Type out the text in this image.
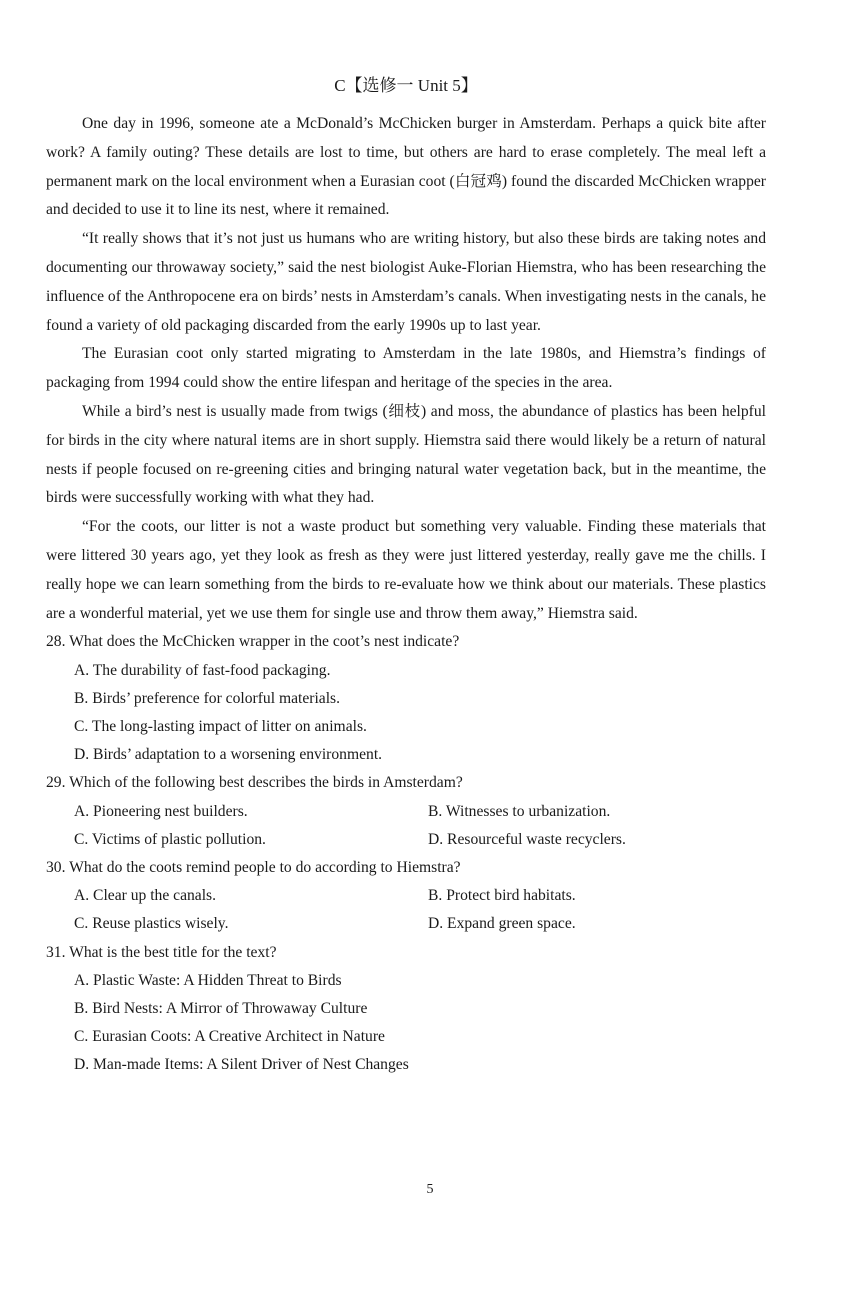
C【选修一 Unit 5】

One day in 1996, someone ate a McDonald’s McChicken burger in Amsterdam. Perhaps a quick bite after work? A family outing? These details are lost to time, but others are hard to erase completely. The meal left a permanent mark on the local environment when a Eurasian coot (白冠鸡) found the discarded McChicken wrapper and decided to use it to line its nest, where it remained.

“It really shows that it’s not just us humans who are writing history, but also these birds are taking notes and documenting our throwaway society,” said the nest biologist Auke-Florian Hiemstra, who has been researching the influence of the Anthropocene era on birds’ nests in Amsterdam’s canals. When investigating nests in the canals, he found a variety of old packaging discarded from the early 1990s up to last year.

The Eurasian coot only started migrating to Amsterdam in the late 1980s, and Hiemstra’s findings of packaging from 1994 could show the entire lifespan and heritage of the species in the area.

While a bird’s nest is usually made from twigs (细枝) and moss, the abundance of plastics has been helpful for birds in the city where natural items are in short supply. Hiemstra said there would likely be a return of natural nests if people focused on re-greening cities and bringing natural water vegetation back, but in the meantime, the birds were successfully working with what they had.

“For the coots, our litter is not a waste product but something very valuable. Finding these materials that were littered 30 years ago, yet they look as fresh as they were just littered yesterday, really gave me the chills. I really hope we can learn something from the birds to re-evaluate how we think about our materials. These plastics are a wonderful material, yet we use them for single use and throw them away,” Hiemstra said.

28. What does the McChicken wrapper in the coot’s nest indicate?

A. The durability of fast-food packaging.

B. Birds’ preference for colorful materials.

C. The long-lasting impact of litter on animals.

D. Birds’ adaptation to a worsening environment.

29. Which of the following best describes the birds in Amsterdam?

A. Pioneering nest builders.	B. Witnesses to urbanization.
C. Victims of plastic pollution.	D. Resourceful waste recyclers.

30. What do the coots remind people to do according to Hiemstra?

A. Clear up the canals.	B. Protect bird habitats.
C. Reuse plastics wisely.	D. Expand green space.

31. What is the best title for the text?

A. Plastic Waste: A Hidden Threat to Birds

B. Bird Nests: A Mirror of Throwaway Culture

C. Eurasian Coots: A Creative Architect in Nature

D. Man-made Items: A Silent Driver of Nest Changes

5
